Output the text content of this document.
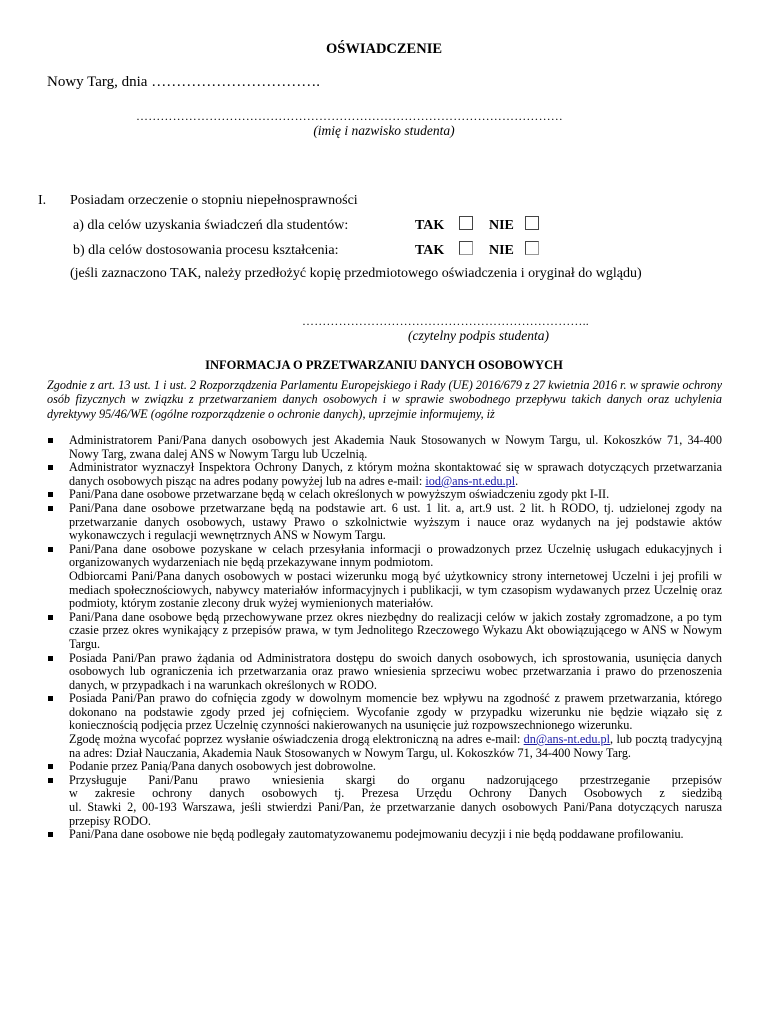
OŚWIADCZENIE
Nowy Targ, dnia …………………………….
……………………………………………………………………………………………
(imię i nazwisko studenta)
I. Posiadam orzeczenie o stopniu niepełnosprawności
a) dla celów uzyskania świadczeń dla studentów:	TAK	NIE
b) dla celów dostosowania procesu kształcenia:	TAK	NIE
(jeśli zaznaczono TAK, należy przedłożyć kopię przedmiotowego oświadczenia i oryginał do wglądu)
……………………………………………………………..
(czytelny podpis studenta)
INFORMACJA O PRZETWARZANIU DANYCH OSOBOWYCH
Zgodnie z art. 13 ust. 1 i ust. 2 Rozporządzenia Parlamentu Europejskiego i Rady (UE) 2016/679 z 27 kwietnia 2016 r. w sprawie ochrony osób fizycznych w związku z przetwarzaniem danych osobowych i w sprawie swobodnego przepływu takich danych oraz uchylenia dyrektywy 95/46/WE (ogólne rozporządzenie o ochronie danych), uprzejmie informujemy, iż
Administratorem Pani/Pana danych osobowych jest Akademia Nauk Stosowanych w Nowym Targu, ul. Kokoszków 71, 34-400 Nowy Targ, zwana dalej ANS w Nowym Targu lub Uczelnią.
Administrator wyznaczył Inspektora Ochrony Danych, z którym można skontaktować się w sprawach dotyczących przetwarzania danych osobowych pisząc na adres podany powyżej lub na adres e-mail: iod@ans-nt.edu.pl.
Pani/Pana dane osobowe przetwarzane będą w celach określonych w powyższym oświadczeniu zgody pkt I-II.
Pani/Pana dane osobowe przetwarzane będą na podstawie art. 6 ust. 1 lit. a, art.9 ust. 2 lit. h RODO, tj. udzielonej zgody na przetwarzanie danych osobowych, ustawy Prawo o szkolnictwie wyższym i nauce oraz wydanych na jej podstawie aktów wykonawczych i regulacji wewnętrznych ANS w Nowym Targu.
Pani/Pana dane osobowe pozyskane w celach przesyłania informacji o prowadzonych przez Uczelnię usługach edukacyjnych i organizowanych wydarzeniach nie będą przekazywane innym podmiotom.
Odbiorcami Pani/Pana danych osobowych w postaci wizerunku mogą być użytkownicy strony internetowej Uczelni i jej profili w mediach społecznościowych, nabywcy materiałów informacyjnych i publikacji, w tym czasopism wydawanych przez Uczelnię oraz podmioty, którym zostanie zlecony druk wyżej wymienionych materiałów.
Pani/Pana dane osobowe będą przechowywane przez okres niezbędny do realizacji celów w jakich zostały zgromadzone, a po tym czasie przez okres wynikający z przepisów prawa, w tym Jednolitego Rzeczowego Wykazu Akt obowiązującego w ANS w Nowym Targu.
Posiada Pani/Pan prawo żądania od Administratora dostępu do swoich danych osobowych, ich sprostowania, usunięcia danych osobowych lub ograniczenia ich przetwarzania oraz prawo wniesienia sprzeciwu wobec przetwarzania i prawo do przenoszenia danych, w przypadkach i na warunkach określonych w RODO.
Posiada Pani/Pan prawo do cofnięcia zgody w dowolnym momencie bez wpływu na zgodność z prawem przetwarzania, którego dokonano na podstawie zgody przed jej cofnięciem. Wycofanie zgody w przypadku wizerunku nie będzie wiązało się z koniecznością podjęcia przez Uczelnię czynności nakierowanych na usunięcie już rozpowszechnionego wizerunku.
Zgodę można wycofać poprzez wysłanie oświadczenia drogą elektroniczną na adres e-mail: dn@ans-nt.edu.pl, lub pocztą tradycyjną na adres: Dział Nauczania, Akademia Nauk Stosowanych w Nowym Targu, ul. Kokoszków 71, 34-400 Nowy Targ.
Podanie przez Panią/Pana danych osobowych jest dobrowolne.
Przysługuje Pani/Panu prawo wniesienia skargi do organu nadzorującego przestrzeganie przepisów
w zakresie ochrony danych osobowych tj. Prezesa Urzędu Ochrony Danych Osobowych z siedzibą
ul. Stawki 2, 00-193 Warszawa, jeśli stwierdzi Pani/Pan, że przetwarzanie danych osobowych Pani/Pana dotyczących narusza przepisy RODO.
Pani/Pana dane osobowe nie będą podlegały zautomatyzowanemu podejmowaniu decyzji i nie będą poddawane profilowaniu.
